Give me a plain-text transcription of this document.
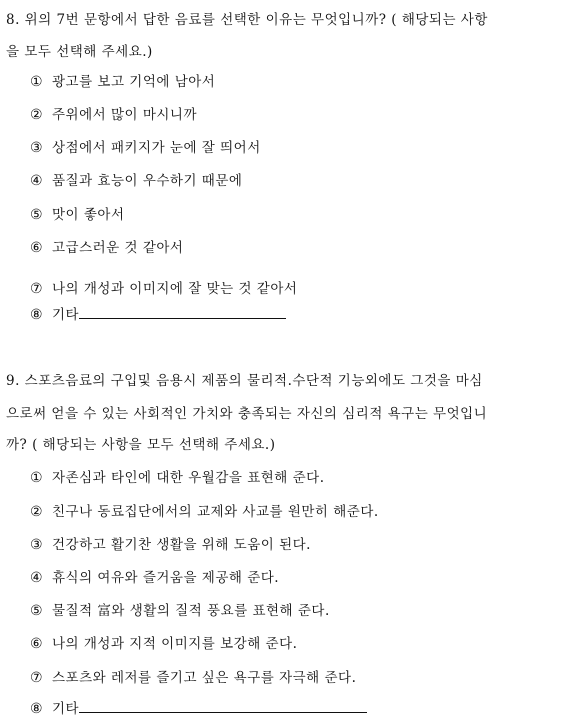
8. 위의 7번 문항에서 답한 음료를 선택한 이유는 무엇입니까? ( 해당되는 사항
을 모두 선택해 주세요.)
① 광고를 보고 기억에 남아서
② 주위에서 많이 마시니까
③ 상점에서 패키지가 눈에 잘 띄어서
④ 품질과 효능이 우수하기 때문에
⑤ 맛이 좋아서
⑥ 고급스러운 것 같아서
⑦ 나의 개성과 이미지에 잘 맞는 것 같아서
⑧ 기타
9. 스포츠음료의 구입및 음용시 제품의 물리적.수단적 기능외에도 그것을 마심
으로써 얻을 수 있는 사회적인 가치와 충족되는 자신의 심리적 욕구는 무엇입니
까? ( 해당되는 사항을 모두 선택해 주세요.)
① 자존심과 타인에 대한 우월감을 표현해 준다.
② 친구나 동료집단에서의 교제와 사교를 원만히 해준다.
③ 건강하고 활기찬 생활을 위해 도움이 된다.
④ 휴식의 여유와 즐거움을 제공해 준다.
⑤ 물질적 富와 생활의 질적 풍요를 표현해 준다.
⑥ 나의 개성과 지적 이미지를 보강해 준다.
⑦ 스포츠와 레저를 즐기고 싶은 욕구를 자극해 준다.
⑧ 기타
